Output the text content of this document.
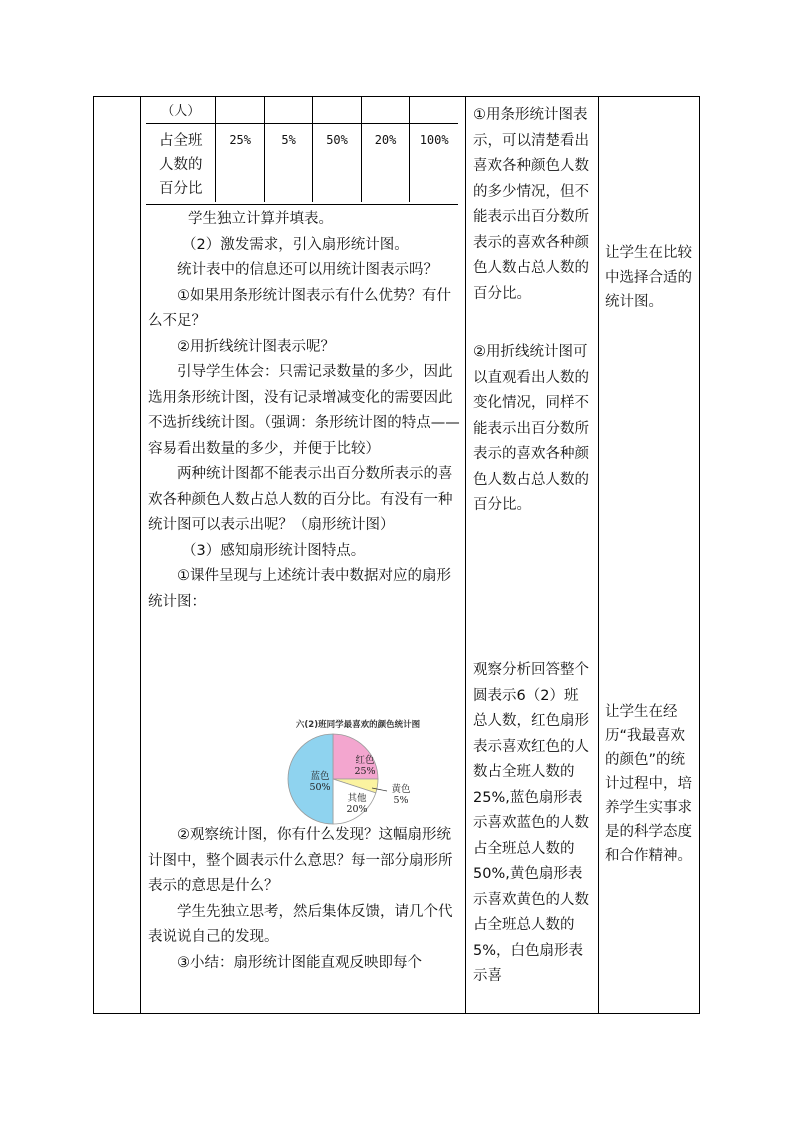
（人）					

占全班
人数的
百分比	25%	5%	50%	20%	100%

学生独立计算并填表。

（2）激发需求，引入扇形统计图。

统计表中的信息还可以用统计图表示吗？

①如果用条形统计图表示有什么优势？有什么不足？

②用折线统计图表示呢？

引导学生体会：只需记录数量的多少，因此选用条形统计图，没有记录增减变化的需要因此不选折线统计图。（强调：条形统计图的特点——容易看出数量的多少，并便于比较）

两种统计图都不能表示出百分数所表示的喜欢各种颜色人数占总人数的百分比。有没有一种统计图可以表示出呢？（扇形统计图）

（3）感知扇形统计图特点。

①课件呈现与上述统计表中数据对应的扇形统计图：

六(2)班同学最喜欢的颜色统计图
红色
25%
黄色
5%
其他
20%
蓝色
50%

②观察统计图，你有什么发现？这幅扇形统计图中，整个圆表示什么意思？每一部分扇形所表示的意思是什么？

学生先独立思考，然后集体反馈，请几个代表说说自己的发现。

③小结：扇形统计图能直观反映即每个

①用条形统计图表示，可以清楚看出喜欢各种颜色人数的多少情况，但不能表示出百分数所表示的喜欢各种颜色人数占总人数的百分比。
②用折线统计图可以直观看出人数的变化情况，同样不能表示出百分数所表示的喜欢各种颜色人数占总人数的百分比。
观察分析回答整个圆表示6（2）班总人数，红色扇形表示喜欢红色的人数占全班人数的25%,蓝色扇形表示喜欢蓝色的人数占全班总人数的50%,黄色扇形表示喜欢黄色的人数占全班总人数的5%，白色扇形表示喜
让学生在比较中选择合适的统计图。
让学生在经历“我最喜欢的颜色”的统计过程中，培养学生实事求是的科学态度和合作精神。
